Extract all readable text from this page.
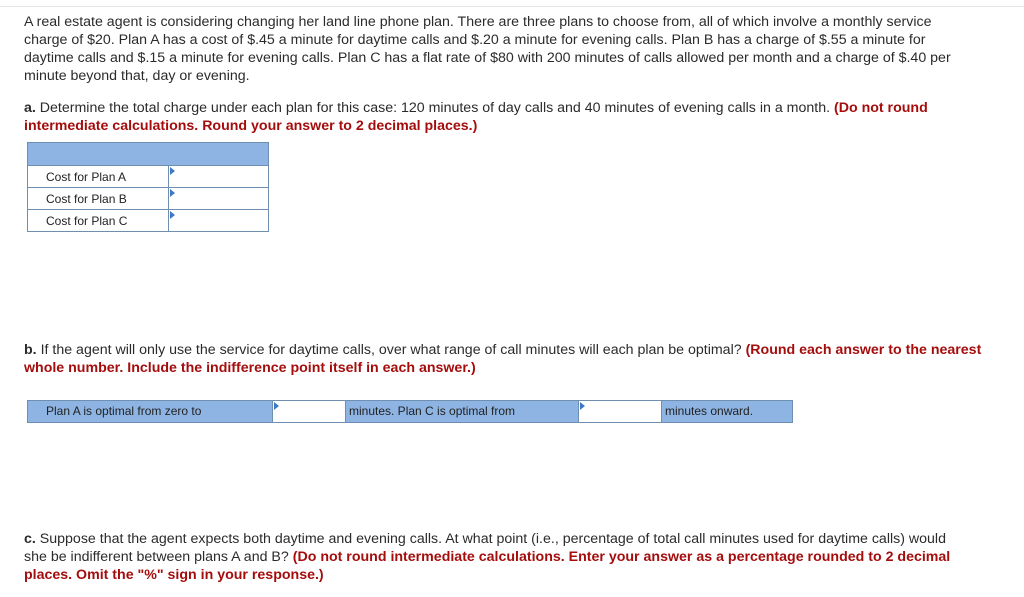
A real estate agent is considering changing her land line phone plan. There are three plans to choose from, all of which involve a monthly service charge of $20. Plan A has a cost of $.45 a minute for daytime calls and $.20 a minute for evening calls. Plan B has a charge of $.55 a minute for daytime calls and $.15 a minute for evening calls. Plan C has a flat rate of $80 with 200 minutes of calls allowed per month and a charge of $.40 per minute beyond that, day or evening.

a. Determine the total charge under each plan for this case: 120 minutes of day calls and 40 minutes of evening calls in a month. (Do not round intermediate calculations. Round your answer to 2 decimal places.)

Cost for Plan A	

Cost for Plan B	

Cost for Plan C	

b. If the agent will only use the service for daytime calls, over what range of call minutes will each plan be optimal? (Round each answer to the nearest whole number. Include the indifference point itself in each answer.)

Plan A is optimal from zero to	minutes. Plan C is optimal from	minutes onward.

c. Suppose that the agent expects both daytime and evening calls. At what point (i.e., percentage of total call minutes used for daytime calls) would she be indifferent between plans A and B? (Do not round intermediate calculations. Enter your answer as a percentage rounded to 2 decimal places. Omit the "%" sign in your response.)
